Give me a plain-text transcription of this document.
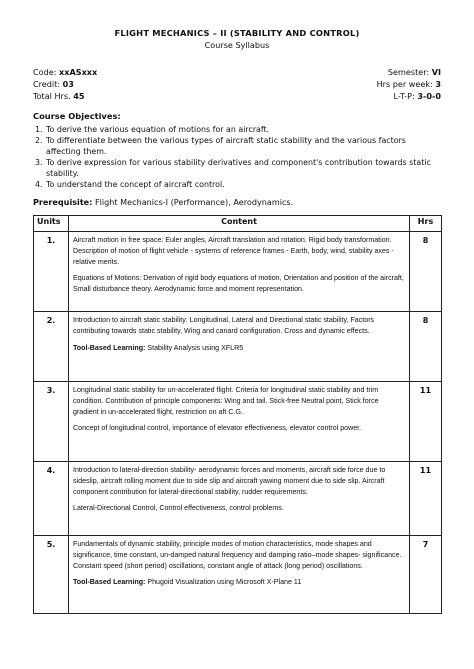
FLIGHT MECHANICS – II (STABILITY AND CONTROL)
Course Syllabus
Code: xxASxxx	Semester: VI
Credit: 03	Hrs per week: 3
Total Hrs. 45	L-T-P: 3-0-0
Course Objectives:
1. To derive the various equation of motions for an aircraft.
2. To differentiate between the various types of aircraft static stability and the various factors affecting them.
3. To derive expression for various stability derivatives and component's contribution towards static stability.
4. To understand the concept of aircraft control.
Prerequisite: Flight Mechanics-I (Performance), Aerodynamics.
Units	Content	Hrs
1.	Aircraft motion in free space: Euler angles, Aircraft translation and rotation. Rigid body transformation. Description of motion of flight vehicle - systems of reference frames - Earth, body, wind, stability axes -relative merits.

Equations of Motions: Derivation of rigid body equations of motion, Orientation and position of the aircraft, Small disturbance theory. Aerodynamic force and moment representation.	8
2.	Introduction to aircraft static stability: Longitudinal, Lateral and Directional static stability, Factors contributing towards static stability, Wing and canard configuration. Cross and dynamic effects.

Tool-Based Learning: Stability Analysis using XFLR5	8
3.	Longitudinal static stability for un-accelerated flight. Criteria for longitudinal static stability and trim condition. Contribution of principle components: Wing and tail. Stick-free Neutral point, Stick force gradient in un-accelerated flight, restriction on aft C.G.

Concept of longitudinal control, importance of elevator effectiveness, elevator control power.	11
4.	Introduction to lateral-direction stability- aerodynamic forces and moments, aircraft side force due to sideslip, aircraft rolling moment due to side slip and aircraft yawing moment due to side slip. Aircraft component contribution for lateral-directional stability, rudder requirements.

Lateral-Directional Control, Control effectiveness, control problems.	11
5.	Fundamentals of dynamic stability, principle modes of motion characteristics, mode shapes and significance, time constant, un-damped natural frequency and damping ratio–mode shapes- significance. Constant speed (short period) oscillations, constant angle of attack (long period) oscillations.

Tool-Based Learning: Phugoid Visualization using Microsoft X-Plane 11	7
